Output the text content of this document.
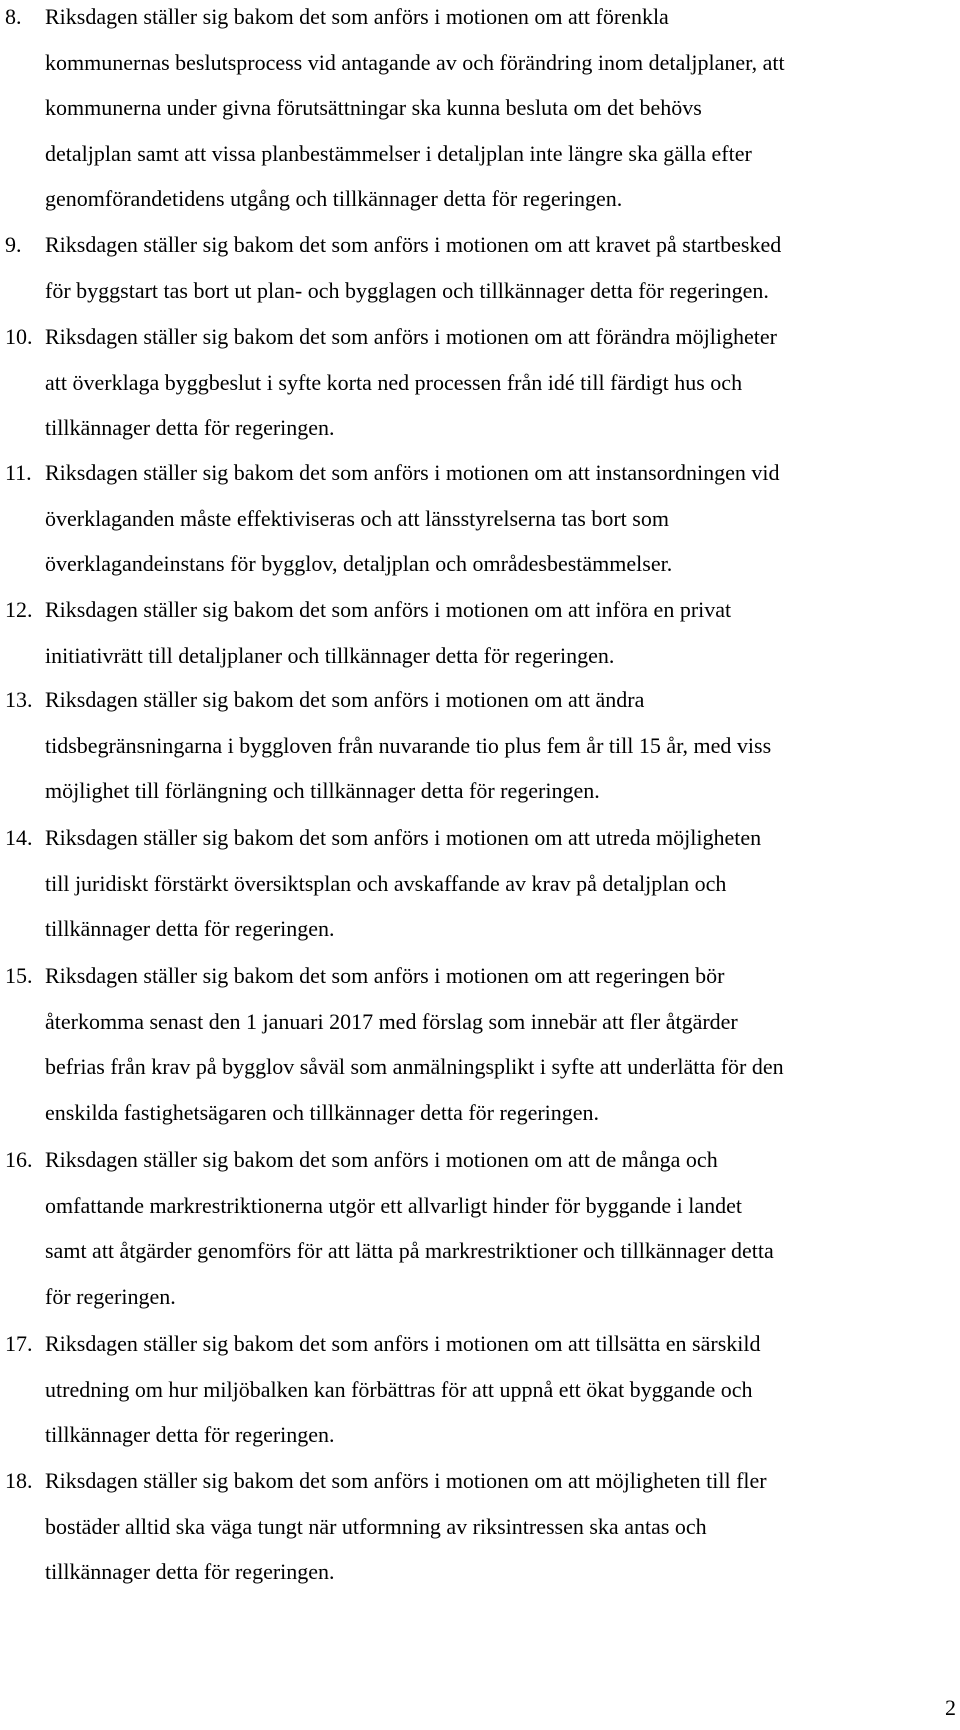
8. Riksdagen ställer sig bakom det som anförs i motionen om att förenkla
kommunernas beslutsprocess vid antagande av och förändring inom detaljplaner, att
kommunerna under givna förutsättningar ska kunna besluta om det behövs
detaljplan samt att vissa planbestämmelser i detaljplan inte längre ska gälla efter
genomförandetidens utgång och tillkännager detta för regeringen.

9. Riksdagen ställer sig bakom det som anförs i motionen om att kravet på startbesked
för byggstart tas bort ut plan- och bygglagen och tillkännager detta för regeringen.

10. Riksdagen ställer sig bakom det som anförs i motionen om att förändra möjligheter
att överklaga byggbeslut i syfte korta ned processen från idé till färdigt hus och
tillkännager detta för regeringen.

11. Riksdagen ställer sig bakom det som anförs i motionen om att instansordningen vid
överklaganden måste effektiviseras och att länsstyrelserna tas bort som
överklagandeinstans för bygglov, detaljplan och områdesbestämmelser.

12. Riksdagen ställer sig bakom det som anförs i motionen om att införa en privat
initiativrätt till detaljplaner och tillkännager detta för regeringen.

13. Riksdagen ställer sig bakom det som anförs i motionen om att ändra
tidsbegränsningarna i byggloven från nuvarande tio plus fem år till 15 år, med viss
möjlighet till förlängning och tillkännager detta för regeringen.

14. Riksdagen ställer sig bakom det som anförs i motionen om att utreda möjligheten
till juridiskt förstärkt översiktsplan och avskaffande av krav på detaljplan och
tillkännager detta för regeringen.

15. Riksdagen ställer sig bakom det som anförs i motionen om att regeringen bör
återkomma senast den 1 januari 2017 med förslag som innebär att fler åtgärder
befrias från krav på bygglov såväl som anmälningsplikt i syfte att underlätta för den
enskilda fastighetsägaren och tillkännager detta för regeringen.

16. Riksdagen ställer sig bakom det som anförs i motionen om att de många och
omfattande markrestriktionerna utgör ett allvarligt hinder för byggande i landet
samt att åtgärder genomförs för att lätta på markrestriktioner och tillkännager detta
för regeringen.

17. Riksdagen ställer sig bakom det som anförs i motionen om att tillsätta en särskild
utredning om hur miljöbalken kan förbättras för att uppnå ett ökat byggande och
tillkännager detta för regeringen.

18. Riksdagen ställer sig bakom det som anförs i motionen om att möjligheten till fler
bostäder alltid ska väga tungt när utformning av riksintressen ska antas och
tillkännager detta för regeringen.

2
